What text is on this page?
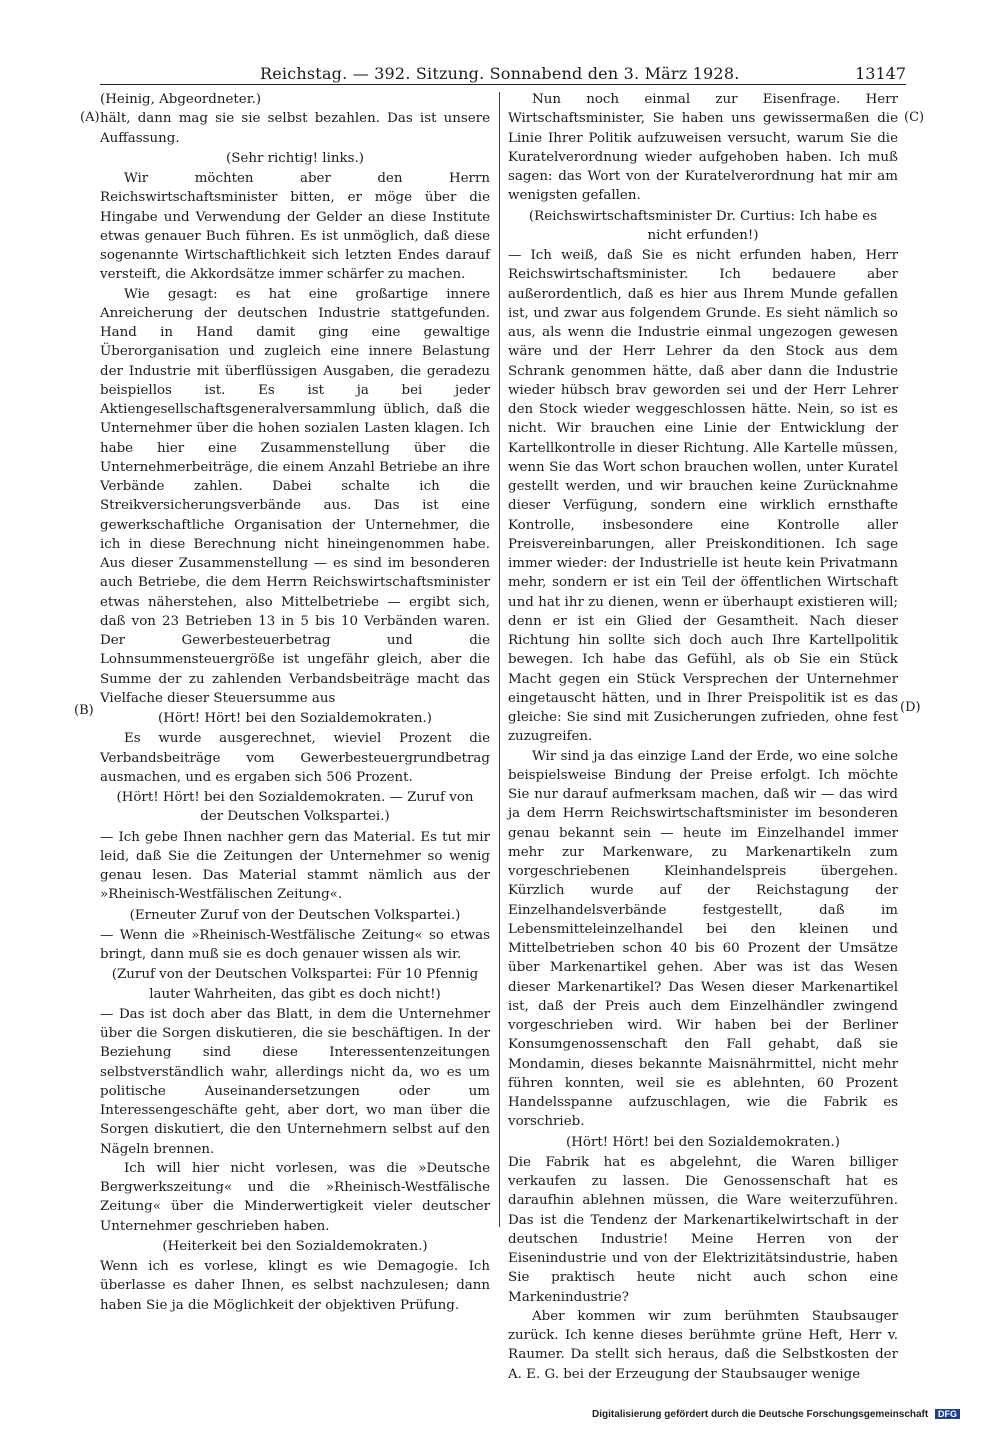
Reichstag. — 392. Sitzung. Sonnabend den 3. März 1928.	13147
(A)
(B)
(C)
(D)

(Heinig, Abgeordneter.)

hält, dann mag sie sie selbst bezahlen. Das ist unsere Auffassung.

(Sehr richtig! links.)

Wir möchten aber den Herrn Reichswirtschaftsminister bitten, er möge über die Hingabe und Verwendung der Gelder an diese Institute etwas genauer Buch führen. Es ist unmöglich, daß diese sogenannte Wirtschaftlichkeit sich letzten Endes darauf versteift, die Akkordsätze immer schärfer zu machen.

Wie gesagt: es hat eine großartige innere Anreicherung der deutschen Industrie stattgefunden. Hand in Hand damit ging eine gewaltige Überorganisation und zugleich eine innere Belastung der Industrie mit überflüssigen Ausgaben, die geradezu beispiellos ist. Es ist ja bei jeder Aktiengesellschaftsgeneralversammlung üblich, daß die Unternehmer über die hohen sozialen Lasten klagen. Ich habe hier eine Zusammenstellung über die Unternehmerbeiträge, die einem Anzahl Betriebe an ihre Verbände zahlen. Dabei schalte ich die Streikversicherungsverbände aus. Das ist eine gewerkschaftliche Organisation der Unternehmer, die ich in diese Berechnung nicht hineingenommen habe. Aus dieser Zusammenstellung — es sind im besonderen auch Betriebe, die dem Herrn Reichswirtschaftsminister etwas näherstehen, also Mittelbetriebe — ergibt sich, daß von 23 Betrieben 13 in 5 bis 10 Verbänden waren. Der Gewerbesteuerbetrag und die Lohnsummensteuergröße ist ungefähr gleich, aber die Summe der zu zahlenden Verbandsbeiträge macht das Vielfache dieser Steuersumme aus

(Hört! Hört! bei den Sozialdemokraten.)

Es wurde ausgerechnet, wieviel Prozent die Verbandsbeiträge vom Gewerbesteuergrundbetrag ausmachen, und es ergaben sich 506 Prozent.

(Hört! Hört! bei den Sozialdemokraten. — Zuruf von der Deutschen Volkspartei.)

— Ich gebe Ihnen nachher gern das Material. Es tut mir leid, daß Sie die Zeitungen der Unternehmer so wenig genau lesen. Das Material stammt nämlich aus der »Rheinisch-Westfälischen Zeitung«.

(Erneuter Zuruf von der Deutschen Volkspartei.)

— Wenn die »Rheinisch-Westfälische Zeitung« so etwas bringt, dann muß sie es doch genauer wissen als wir.

(Zuruf von der Deutschen Volkspartei: Für 10 Pfennig lauter Wahrheiten, das gibt es doch nicht!)

— Das ist doch aber das Blatt, in dem die Unternehmer über die Sorgen diskutieren, die sie beschäftigen. In der Beziehung sind diese Interessentenzeitungen selbstverständlich wahr, allerdings nicht da, wo es um politische Auseinandersetzungen oder um Interessengeschäfte geht, aber dort, wo man über die Sorgen diskutiert, die den Unternehmern selbst auf den Nägeln brennen.

Ich will hier nicht vorlesen, was die »Deutsche Bergwerkszeitung« und die »Rheinisch-Westfälische Zeitung« über die Minderwertigkeit vieler deutscher Unternehmer geschrieben haben.

(Heiterkeit bei den Sozialdemokraten.)

Wenn ich es vorlese, klingt es wie Demagogie. Ich überlasse es daher Ihnen, es selbst nachzulesen; dann haben Sie ja die Möglichkeit der objektiven Prüfung.

Nun noch einmal zur Eisenfrage. Herr Wirtschaftsminister, Sie haben uns gewissermaßen die Linie Ihrer Politik aufzuweisen versucht, warum Sie die Kuratelverordnung wieder aufgehoben haben. Ich muß sagen: das Wort von der Kuratelverordnung hat mir am wenigsten gefallen.

(Reichswirtschaftsminister Dr. Curtius: Ich habe es nicht erfunden!)

— Ich weiß, daß Sie es nicht erfunden haben, Herr Reichswirtschaftsminister. Ich bedauere aber außerordentlich, daß es hier aus Ihrem Munde gefallen ist, und zwar aus folgendem Grunde. Es sieht nämlich so aus, als wenn die Industrie einmal ungezogen gewesen wäre und der Herr Lehrer da den Stock aus dem Schrank genommen hätte, daß aber dann die Industrie wieder hübsch brav geworden sei und der Herr Lehrer den Stock wieder weggeschlossen hätte. Nein, so ist es nicht. Wir brauchen eine Linie der Entwicklung der Kartellkontrolle in dieser Richtung. Alle Kartelle müssen, wenn Sie das Wort schon brauchen wollen, unter Kuratel gestellt werden, und wir brauchen keine Zurücknahme dieser Verfügung, sondern eine wirklich ernsthafte Kontrolle, insbesondere eine Kontrolle aller Preisvereinbarungen, aller Preiskonditionen. Ich sage immer wieder: der Industrielle ist heute kein Privatmann mehr, sondern er ist ein Teil der öffentlichen Wirtschaft und hat ihr zu dienen, wenn er überhaupt existieren will; denn er ist ein Glied der Gesamtheit. Nach dieser Richtung hin sollte sich doch auch Ihre Kartellpolitik bewegen. Ich habe das Gefühl, als ob Sie ein Stück Macht gegen ein Stück Versprechen der Unternehmer eingetauscht hätten, und in Ihrer Preispolitik ist es das gleiche: Sie sind mit Zusicherungen zufrieden, ohne fest zuzugreifen.

Wir sind ja das einzige Land der Erde, wo eine solche beispielsweise Bindung der Preise erfolgt. Ich möchte Sie nur darauf aufmerksam machen, daß wir — das wird ja dem Herrn Reichswirtschaftsminister im besonderen genau bekannt sein — heute im Einzelhandel immer mehr zur Markenware, zu Markenartikeln zum vorgeschriebenen Kleinhandelspreis übergehen. Kürzlich wurde auf der Reichstagung der Einzelhandelsverbände festgestellt, daß im Lebensmitteleinzelhandel bei den kleinen und Mittelbetrieben schon 40 bis 60 Prozent der Umsätze über Markenartikel gehen. Aber was ist das Wesen dieser Markenartikel? Das Wesen dieser Markenartikel ist, daß der Preis auch dem Einzelhändler zwingend vorgeschrieben wird. Wir haben bei der Berliner Konsumgenossenschaft den Fall gehabt, daß sie Mondamin, dieses bekannte Maisnährmittel, nicht mehr führen konnten, weil sie es ablehnten, 60 Prozent Handelsspanne aufzuschlagen, wie die Fabrik es vorschrieb.

(Hört! Hört! bei den Sozialdemokraten.)

Die Fabrik hat es abgelehnt, die Waren billiger verkaufen zu lassen. Die Genossenschaft hat es daraufhin ablehnen müssen, die Ware weiterzuführen. Das ist die Tendenz der Markenartikelwirtschaft in der deutschen Industrie! Meine Herren von der Eisenindustrie und von der Elektrizitätsindustrie, haben Sie praktisch heute nicht auch schon eine Markenindustrie?

Aber kommen wir zum berühmten Staubsauger zurück. Ich kenne dieses berühmte grüne Heft, Herr v. Raumer. Da stellt sich heraus, daß die Selbstkosten der A. E. G. bei der Erzeugung der Staubsauger wenige

Digitalisierung gefördert durch die Deutsche Forschungsgemeinschaft DFG
